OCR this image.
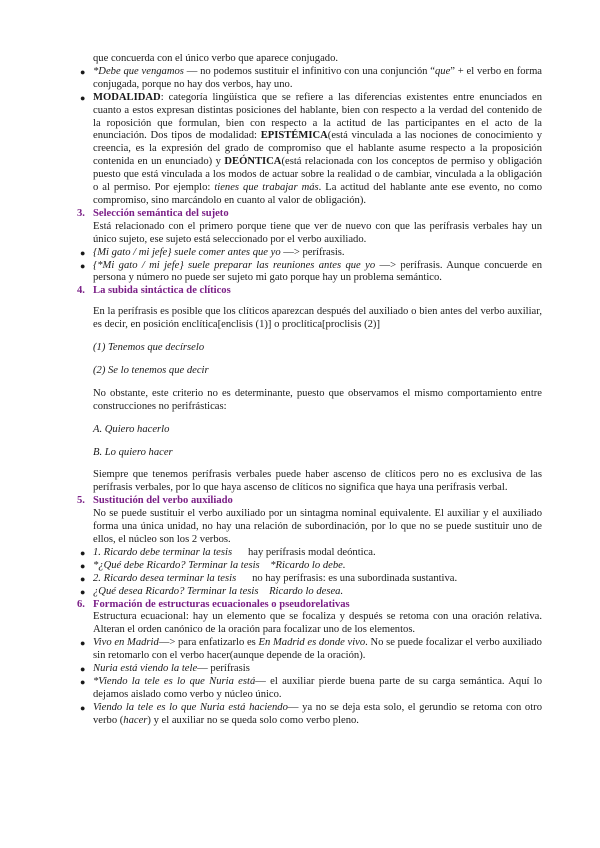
que concuerda con el único verbo que aparece conjugado.

● *Debe que vengamos — no podemos sustituir el infinitivo con una conjunción “que” + el verbo en forma conjugada, porque no hay dos verbos, hay uno.

● MODALIDAD: categoría lingüística que se refiere a las diferencias existentes entre enunciados en cuanto a estos expresan distintas posiciones del hablante, bien con respecto a la verdad del contenido de la roposición que formulan, bien con respecto a la actitud de las participantes en el acto de la enunciación. Dos tipos de modalidad: EPISTÉMICA(está vinculada a las nociones de conocimiento y creencia, es la expresión del grado de compromiso que el hablante asume respecto a la proposición contenida en un enunciado) y DEÓNTICA(está relacionada con los conceptos de permiso y obligación puesto que está vinculada a los modos de actuar sobre la realidad o de cambiar, vinculada a la obligación o al permiso. Por ejemplo: tienes que trabajar más. La actitud del hablante ante ese evento, no como compromiso, sino marcándolo en cuanto al valor de obligación).

3. Selección semántica del sujeto

Está relacionado con el primero porque tiene que ver de nuevo con que las perífrasis verbales hay un único sujeto, ese sujeto está seleccionado por el verbo auxiliado.

● {Mi gato / mi jefe} suele comer antes que yo —> perífrasis.

● {*Mi gato / mi jefe} suele preparar las reuniones antes que yo —> perífrasis. Aunque concuerde en persona y número no puede ser sujeto mi gato porque hay un problema semántico.

4. La subida sintáctica de clíticos

En la perífrasis es posible que los clíticos aparezcan después del auxiliado o bien antes del verbo auxiliar, es decir, en posición enclítica[enclisis (1)] o proclítica[proclisis (2)]

(1) Tenemos que decírselo

(2) Se lo tenemos que decir

No obstante, este criterio no es determinante, puesto que observamos el mismo comportamiento entre construcciones no perifrásticas:

A. Quiero hacerlo

B. Lo quiero hacer

Siempre que tenemos perífrasis verbales puede haber ascenso de clíticos pero no es exclusiva de las perífrasis verbales, por lo que haya ascenso de clíticos no significa que haya una perífrasis verbal.

5. Sustitución del verbo auxiliado

No se puede sustituir el verbo auxiliado por un sintagma nominal equivalente. El auxiliar y el auxiliado forma una única unidad, no hay una relación de subordinación, por lo que no se puede sustituir uno de ellos, el núcleo son los 2 verbos.

● 1. Ricardo debe terminar la tesis      hay perífrasis modal deóntica.

● *¿Qué debe Ricardo? Terminar la tesis *Ricardo lo debe.

● 2. Ricardo desea terminar la tesis      no hay perífrasis: es una subordinada sustantiva.

● ¿Qué desea Ricardo? Terminar la tesis Ricardo lo desea.

6. Formación de estructuras ecuacionales o pseudorelativas

Estructura ecuacional: hay un elemento que se focaliza y después se retoma con una oración relativa. Alteran el orden canónico de la oración para focalizar uno de los elementos.

● Vivo en Madrid—> para enfatizarlo es En Madrid es donde vivo. No se puede focalizar el verbo auxiliado sin retomarlo con el verbo hacer(aunque depende de la oración).

● Nuria está viendo la tele— perífrasis

● *Viendo la tele es lo que Nuria está— el auxiliar pierde buena parte de su carga semántica. Aquí lo dejamos aislado como verbo y núcleo único.

● Viendo la tele es lo que Nuria está haciendo— ya no se deja esta solo, el gerundio se retoma con otro verbo (hacer) y el auxiliar no se queda solo como verbo pleno.
